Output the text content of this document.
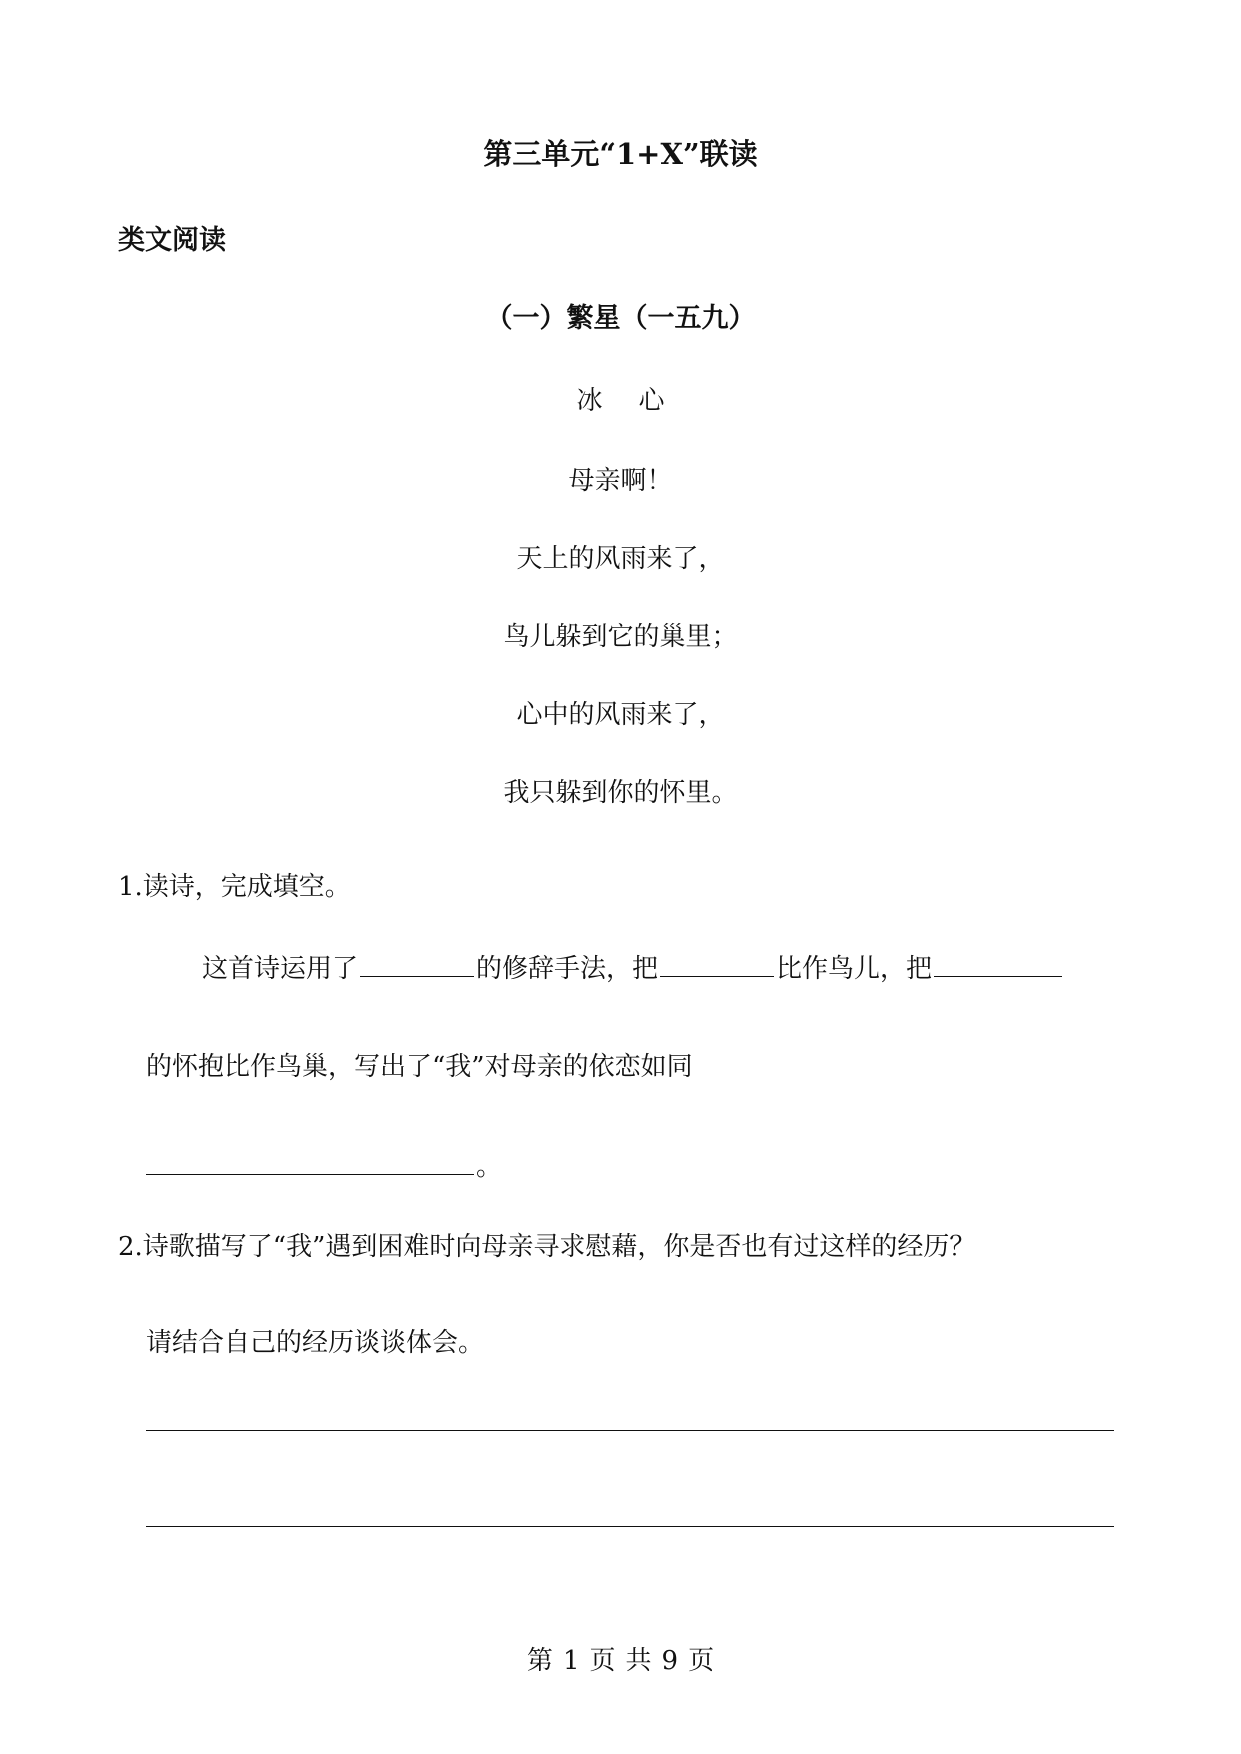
第三单元“1+X”联读
类文阅读
（一）繁星（一五九）
冰 心
母亲啊！
天上的风雨来了，
鸟儿躲到它的巢里；
心中的风雨来了，
我只躲到你的怀里。
1.读诗，完成填空。
这首诗运用了	的修辞手法，把	比作鸟儿，把
的怀抱比作鸟巢，写出了“我”对母亲的依恋如同
。
2.诗歌描写了“我”遇到困难时向母亲寻求慰藉，你是否也有过这样的经历？
请结合自己的经历谈谈体会。
第 1 页 共 9 页
